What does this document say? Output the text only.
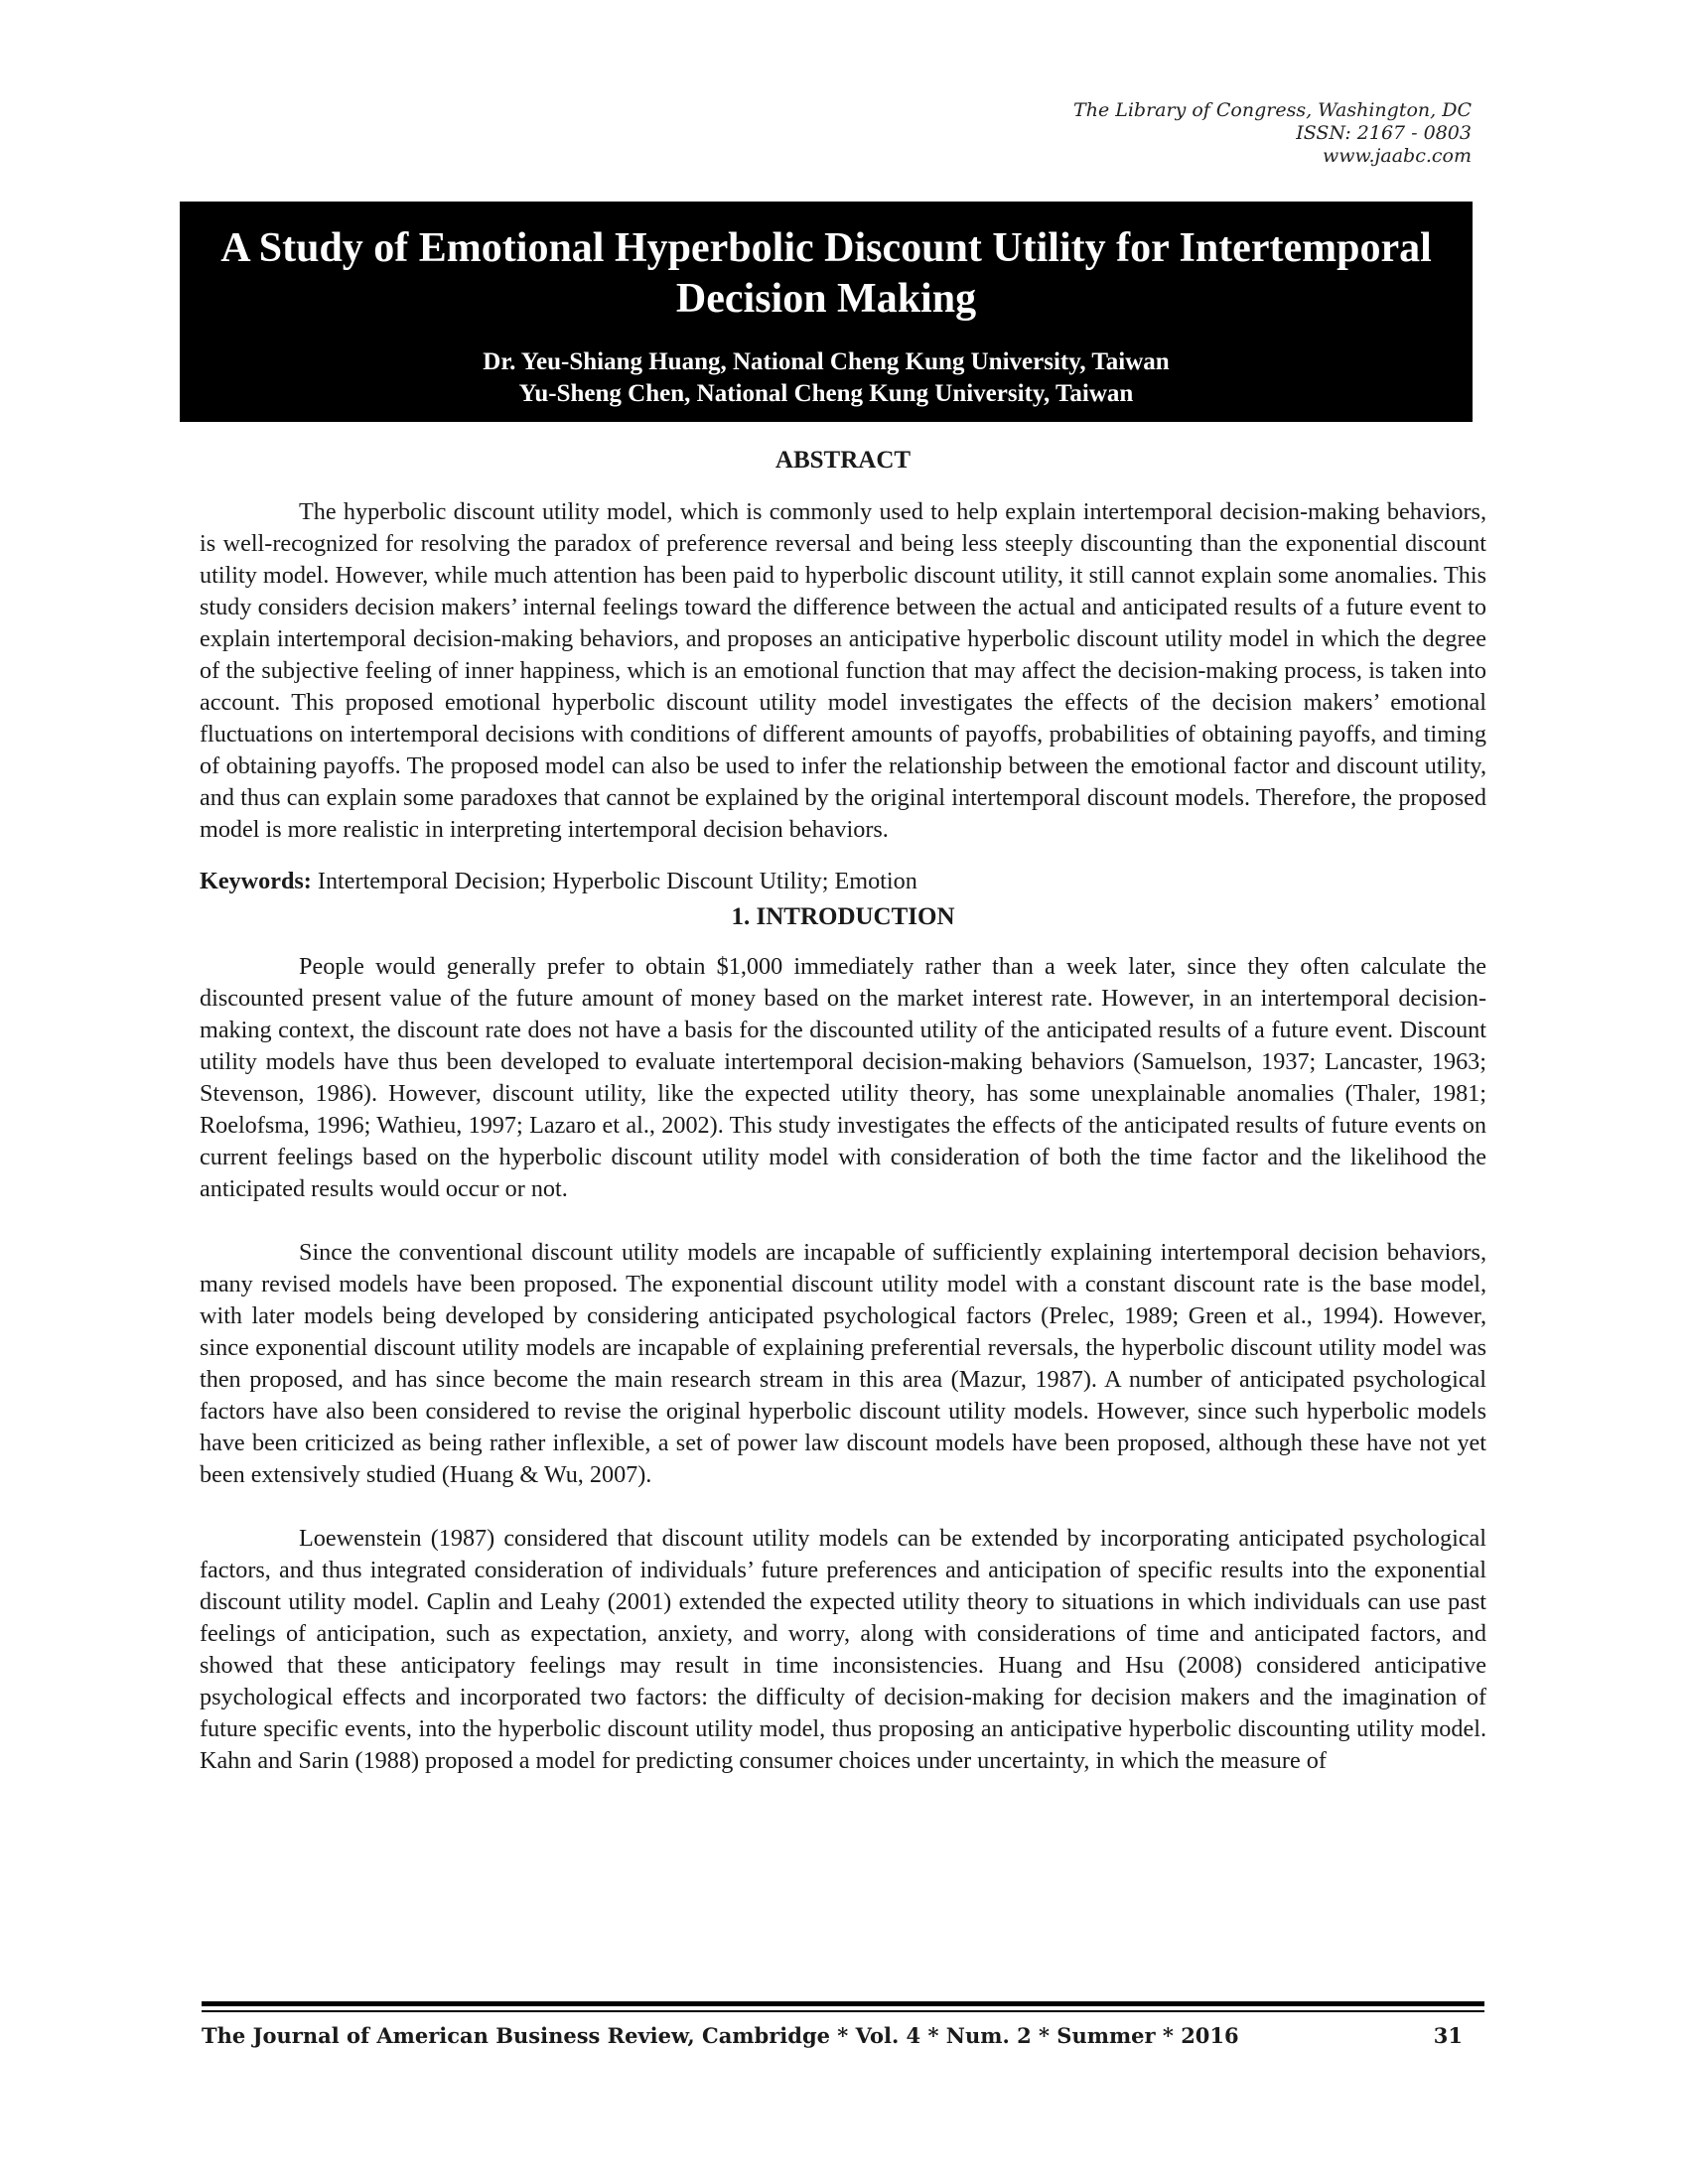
The Library of Congress, Washington, DC
ISSN: 2167 - 0803
www.jaabc.com
A Study of Emotional Hyperbolic Discount Utility for Intertemporal
Decision Making
Dr. Yeu-Shiang Huang, National Cheng Kung University, Taiwan
Yu-Sheng Chen, National Cheng Kung University, Taiwan
ABSTRACT

The hyperbolic discount utility model, which is commonly used to help explain intertemporal decision-making behaviors, is well-recognized for resolving the paradox of preference reversal and being less steeply discounting than the exponential discount utility model. However, while much attention has been paid to hyperbolic discount utility, it still cannot explain some anomalies. This study considers decision makers’ internal feelings toward the difference between the actual and anticipated results of a future event to explain intertemporal decision-making behaviors, and proposes an anticipative hyperbolic discount utility model in which the degree of the subjective feeling of inner happiness, which is an emotional function that may affect the decision-making process, is taken into account. This proposed emotional hyperbolic discount utility model investigates the effects of the decision makers’ emotional fluctuations on intertemporal decisions with conditions of different amounts of payoffs, probabilities of obtaining payoffs, and timing of obtaining payoffs. The proposed model can also be used to infer the relationship between the emotional factor and discount utility, and thus can explain some paradoxes that cannot be explained by the original intertemporal discount models. Therefore, the proposed model is more realistic in interpreting intertemporal decision behaviors.

Keywords: Intertemporal Decision; Hyperbolic Discount Utility; Emotion

1. INTRODUCTION

People would generally prefer to obtain $1,000 immediately rather than a week later, since they often calculate the discounted present value of the future amount of money based on the market interest rate. However, in an intertemporal decision-making context, the discount rate does not have a basis for the discounted utility of the anticipated results of a future event. Discount utility models have thus been developed to evaluate intertemporal decision-making behaviors (Samuelson, 1937; Lancaster, 1963; Stevenson, 1986). However, discount utility, like the expected utility theory, has some unexplainable anomalies (Thaler, 1981; Roelofsma, 1996; Wathieu, 1997; Lazaro et al., 2002). This study investigates the effects of the anticipated results of future events on current feelings based on the hyperbolic discount utility model with consideration of both the time factor and the likelihood the anticipated results would occur or not.

Since the conventional discount utility models are incapable of sufficiently explaining intertemporal decision behaviors, many revised models have been proposed. The exponential discount utility model with a constant discount rate is the base model, with later models being developed by considering anticipated psychological factors (Prelec, 1989; Green et al., 1994). However, since exponential discount utility models are incapable of explaining preferential reversals, the hyperbolic discount utility model was then proposed, and has since become the main research stream in this area (Mazur, 1987). A number of anticipated psychological factors have also been considered to revise the original hyperbolic discount utility models. However, since such hyperbolic models have been criticized as being rather inflexible, a set of power law discount models have been proposed, although these have not yet been extensively studied (Huang & Wu, 2007).

Loewenstein (1987) considered that discount utility models can be extended by incorporating anticipated psychological factors, and thus integrated consideration of individuals’ future preferences and anticipation of specific results into the exponential discount utility model. Caplin and Leahy (2001) extended the expected utility theory to situations in which individuals can use past feelings of anticipation, such as expectation, anxiety, and worry, along with considerations of time and anticipated factors, and showed that these anticipatory feelings may result in time inconsistencies. Huang and Hsu (2008) considered anticipative psychological effects and incorporated two factors: the difficulty of decision-making for decision makers and the imagination of future specific events, into the hyperbolic discount utility model, thus proposing an anticipative hyperbolic discounting utility model. Kahn and Sarin (1988) proposed a model for predicting consumer choices under uncertainty, in which the measure of

The Journal of American Business Review, Cambridge * Vol. 4 * Num. 2 * Summer * 2016	31
